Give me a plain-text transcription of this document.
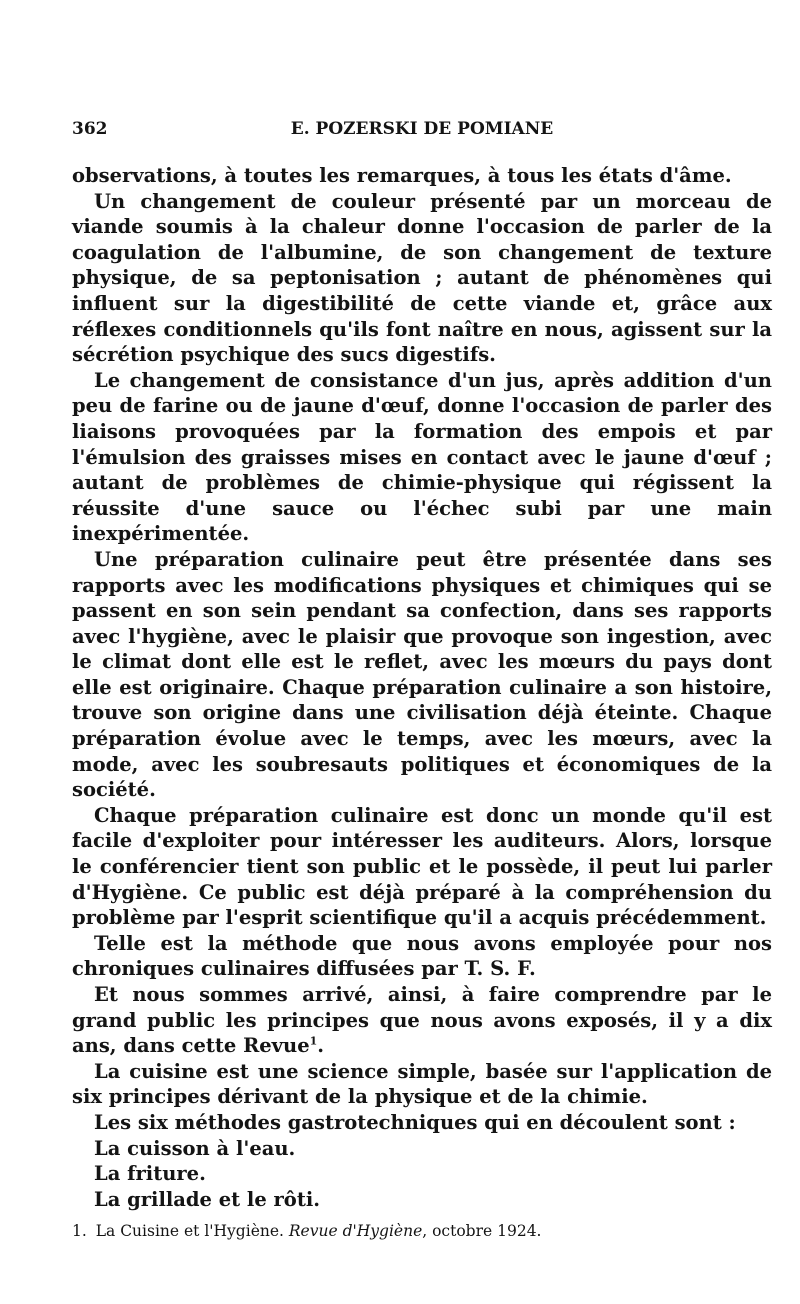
362	E. POZERSKI DE POMIANE

observations, à toutes les remarques, à tous les états d'âme.

Un changement de couleur présenté par un morceau de viande soumis à la chaleur donne l'occasion de parler de la coagulation de l'albumine, de son changement de texture physique, de sa peptonisation ; autant de phénomènes qui influent sur la digestibilité de cette viande et, grâce aux réflexes conditionnels qu'ils font naître en nous, agissent sur la sécrétion psychique des sucs digestifs.

Le changement de consistance d'un jus, après addition d'un peu de farine ou de jaune d'œuf, donne l'occasion de parler des liaisons provoquées par la formation des empois et par l'émulsion des graisses mises en contact avec le jaune d'œuf ; autant de problèmes de chimie-physique qui régissent la réussite d'une sauce ou l'échec subi par une main inexpérimentée.

Une préparation culinaire peut être présentée dans ses rapports avec les modifications physiques et chimiques qui se passent en son sein pendant sa confection, dans ses rapports avec l'hygiène, avec le plaisir que provoque son ingestion, avec le climat dont elle est le reflet, avec les mœurs du pays dont elle est originaire. Chaque préparation culinaire a son histoire, trouve son origine dans une civilisation déjà éteinte. Chaque préparation évolue avec le temps, avec les mœurs, avec la mode, avec les soubresauts politiques et économiques de la société.

Chaque préparation culinaire est donc un monde qu'il est facile d'exploiter pour intéresser les auditeurs. Alors, lorsque le conférencier tient son public et le possède, il peut lui parler d'Hygiène. Ce public est déjà préparé à la compréhension du problème par l'esprit scientifique qu'il a acquis précédemment.

Telle est la méthode que nous avons employée pour nos chroniques culinaires diffusées par T. S. F.

Et nous sommes arrivé, ainsi, à faire comprendre par le grand public les principes que nous avons exposés, il y a dix ans, dans cette Revue$^1$.

La cuisine est une science simple, basée sur l'application de six principes dérivant de la physique et de la chimie.

Les six méthodes gastrotechniques qui en découlent sont :

La cuisson à l'eau.

La friture.

La grillade et le rôti.

1. La Cuisine et l'Hygiène. Revue d'Hygiène, octobre 1924.
